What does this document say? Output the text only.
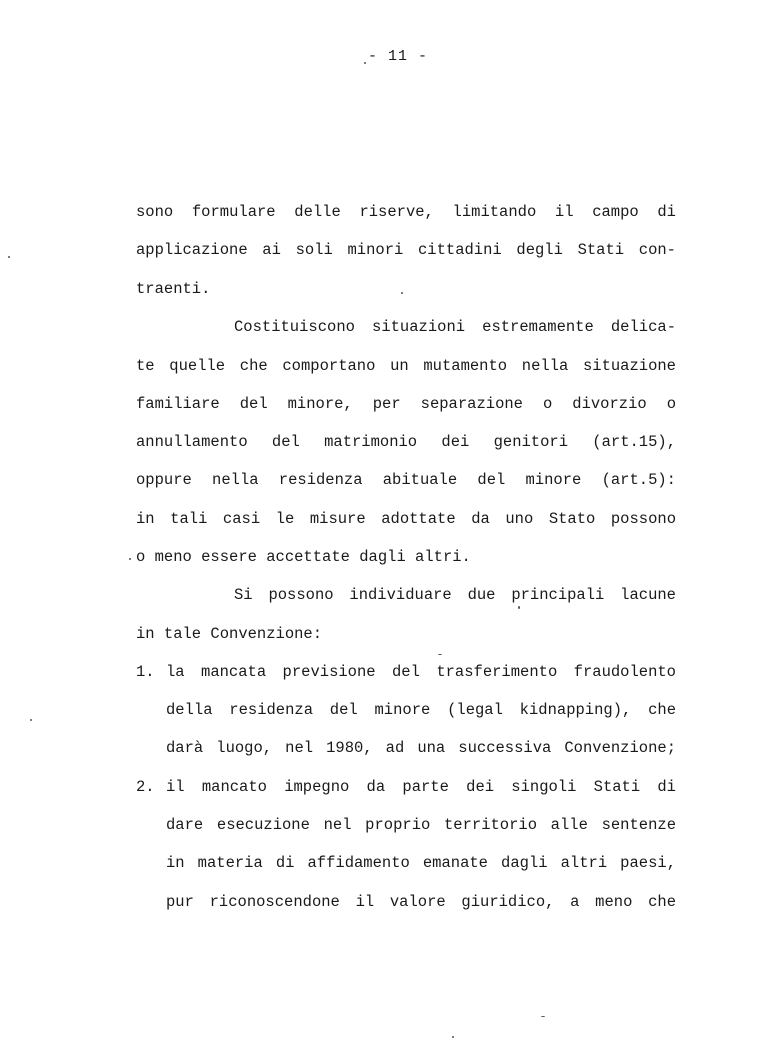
- 11 -
sono formulare delle riserve, limitando il campo di
applicazione ai soli minori cittadini degli Stati con-
traenti.
Costituiscono situazioni estremamente delica-
te quelle che comportano un mutamento nella situazione
familiare del minore, per separazione o divorzio o
annullamento del matrimonio dei genitori (art.15),
oppure nella residenza abituale del minore (art.5):
in tali casi le misure adottate da uno Stato possono
o meno essere accettate dagli altri.
Si possono individuare due principali lacune
in tale Convenzione:
1. la mancata previsione del trasferimento fraudolento
della residenza del minore (legal kidnapping), che
darà luogo, nel 1980, ad una successiva Convenzione;
2. il mancato impegno da parte dei singoli Stati di
dare esecuzione nel proprio territorio alle sentenze
in materia di affidamento emanate dagli altri paesi,
pur riconoscendone il valore giuridico, a meno che
